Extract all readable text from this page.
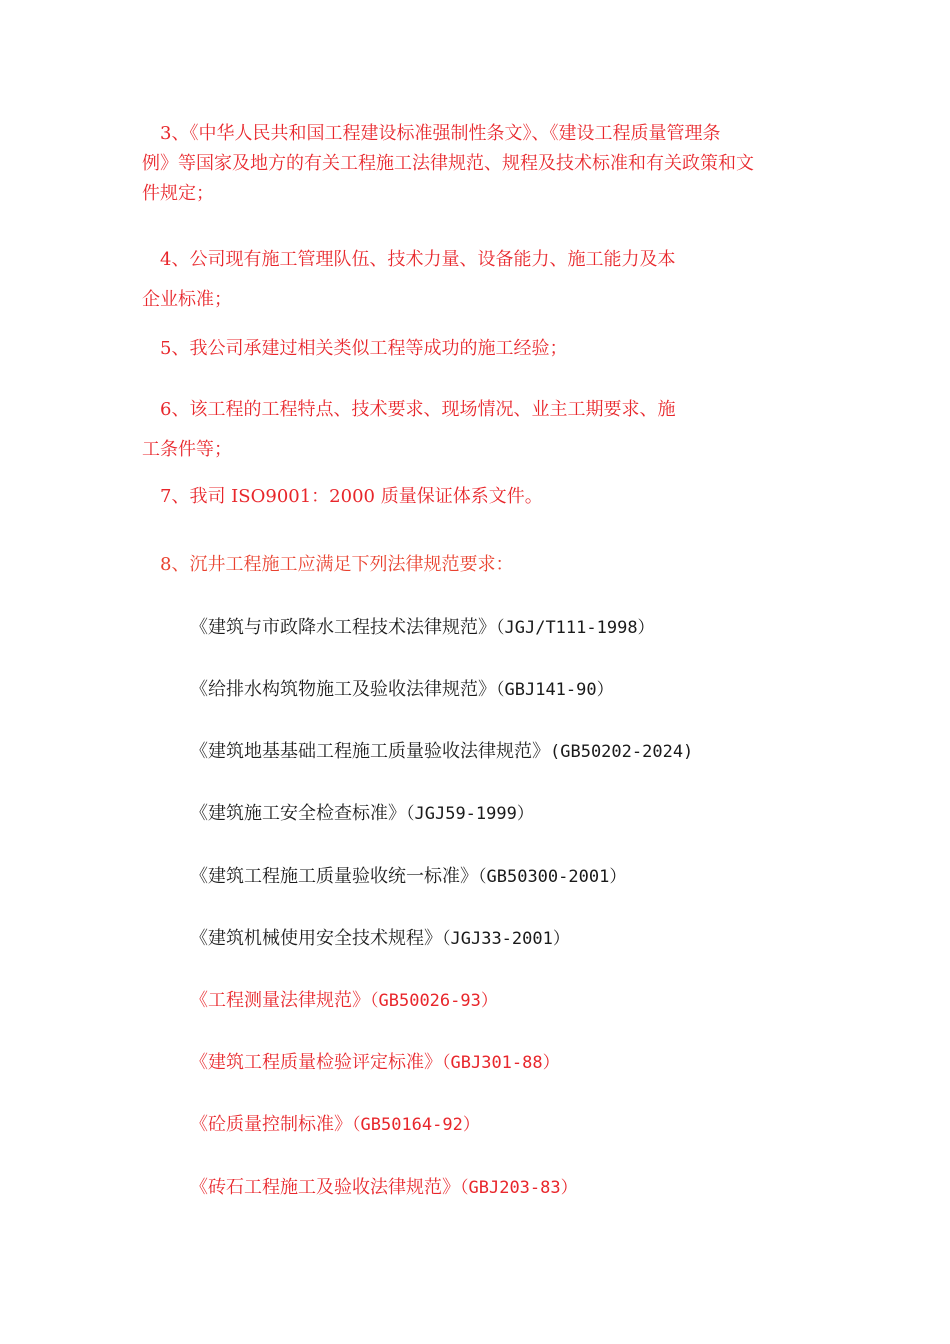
3、《中华人民共和国工程建设标准强制性条文》、《建设工程质量管理条
例》等国家及地方的有关工程施工法律规范、规程及技术标准和有关政策和文
件规定；
4、公司现有施工管理队伍、技术力量、设备能力、施工能力及本
企业标准；
5、我公司承建过相关类似工程等成功的施工经验；
6、该工程的工程特点、技术要求、现场情况、业主工期要求、施
工条件等；
7、我司 ISO9001：2000 质量保证体系文件。
8、沉井工程施工应满足下列法律规范要求：
《建筑与市政降水工程技术法律规范》（JGJ/T111-1998）
《给排水构筑物施工及验收法律规范》（GBJ141-90）
《建筑地基基础工程施工质量验收法律规范》(GB50202-2024)
《建筑施工安全检查标准》（JGJ59-1999）
《建筑工程施工质量验收统一标准》（GB50300-2001）
《建筑机械使用安全技术规程》（JGJ33-2001）
《工程测量法律规范》（GB50026-93）
《建筑工程质量检验评定标准》（GBJ301-88）
《砼质量控制标准》（GB50164-92）
《砖石工程施工及验收法律规范》（GBJ203-83）
